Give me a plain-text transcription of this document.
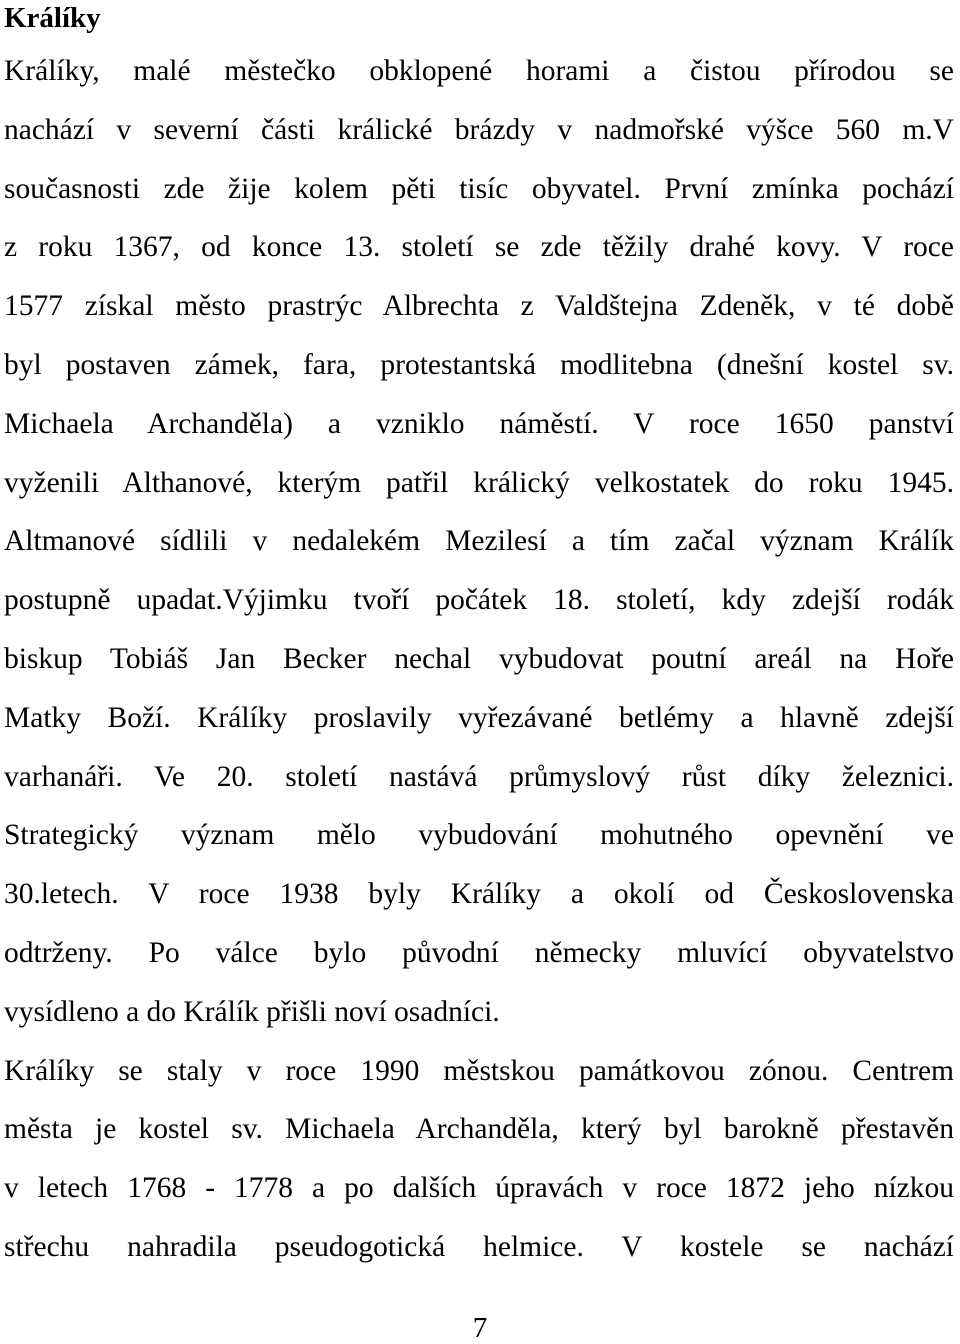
Králíky
Králíky, malé městečko obklopené horami a čistou přírodou se
nachází v severní části králické brázdy v nadmořské výšce 560 m.V
současnosti zde žije kolem pěti tisíc obyvatel. První zmínka pochází
z roku 1367, od konce 13. století se zde těžily drahé kovy. V roce
1577 získal město prastrýc Albrechta z Valdštejna Zdeněk, v té době
byl postaven zámek, fara, protestantská modlitebna (dnešní kostel sv.
Michaela Archanděla) a vzniklo náměstí. V roce 1650 panství
vyženili Althanové, kterým patřil králický velkostatek do roku 1945.
Altmanové sídlili v nedalekém Mezilesí a tím začal význam Králík
postupně upadat.Výjimku tvoří počátek 18. století, kdy zdejší rodák
biskup Tobiáš Jan Becker nechal vybudovat poutní areál na Hoře
Matky Boží. Králíky proslavily vyřezávané betlémy a hlavně zdejší
varhanáři. Ve 20. století nastává průmyslový růst díky železnici.
Strategický význam mělo vybudování mohutného opevnění ve
30.letech. V roce 1938 byly Králíky a okolí od Československa
odtrženy. Po válce bylo původní německy mluvící obyvatelstvo
vysídleno a do Králík přišli noví osadníci.
Králíky se staly v roce 1990 městskou památkovou zónou. Centrem
města je kostel sv. Michaela Archanděla, který byl barokně přestavěn
v letech 1768 - 1778 a po dalších úpravách v roce 1872 jeho nízkou
střechu nahradila pseudogotická helmice. V kostele se nachází
7
